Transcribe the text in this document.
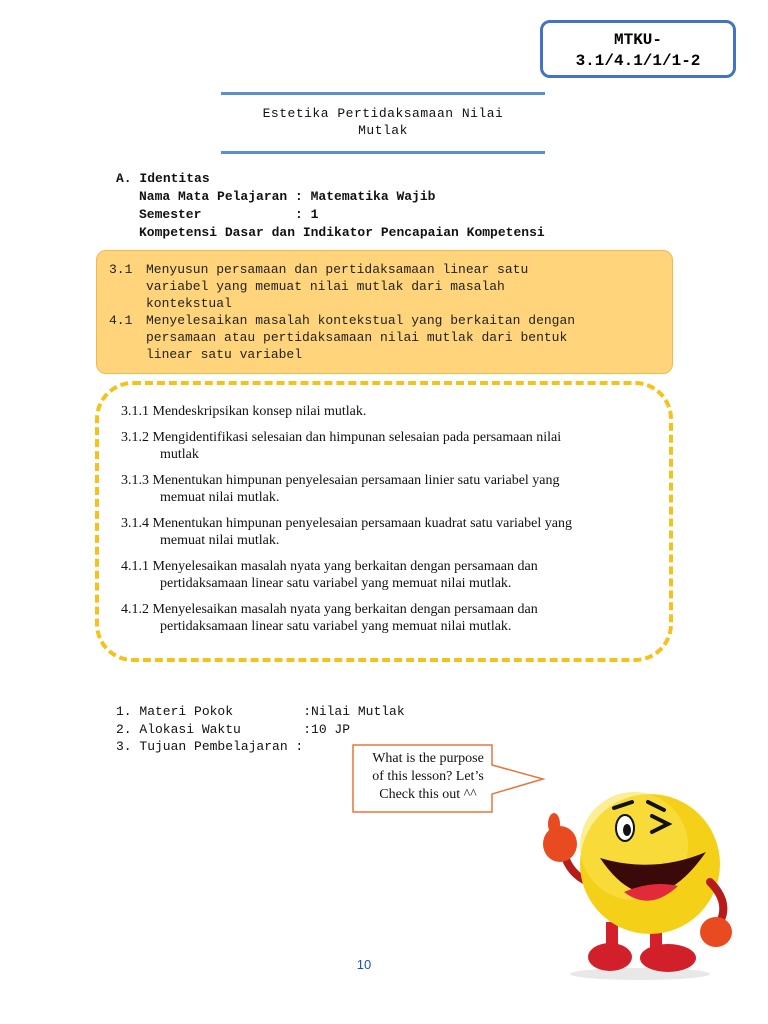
MTKU-
3.1/4.1/1/1-2
Estetika Pertidaksamaan Nilai
Mutlak
A. Identitas
Nama Mata Pelajaran : Matematika Wajib
Semester            : 1
Kompetensi Dasar dan Indikator Pencapaian Kompetensi
3.1	Menyusun persamaan dan pertidaksamaan linear satu
variabel yang memuat nilai mutlak dari masalah
kontekstual
4.1	Menyelesaikan masalah kontekstual yang berkaitan dengan
persamaan atau pertidaksamaan nilai mutlak dari bentuk
linear satu variabel
3.1.1 Mendeskripsikan konsep nilai mutlak.
3.1.2 Mengidentifikasi selesaian dan himpunan selesaian pada persamaan nilai
mutlak
3.1.3 Menentukan himpunan penyelesaian persamaan linier satu variabel yang
memuat nilai mutlak.
3.1.4 Menentukan himpunan penyelesaian persamaan kuadrat satu variabel yang
memuat nilai mutlak.
4.1.1 Menyelesaikan masalah nyata yang berkaitan dengan persamaan dan
pertidaksamaan linear satu variabel yang memuat nilai mutlak.
4.1.2 Menyelesaikan masalah nyata yang berkaitan dengan persamaan dan
pertidaksamaan linear satu variabel yang memuat nilai mutlak.
1. Materi Pokok         :Nilai Mutlak
2. Alokasi Waktu        :10 JP
3. Tujuan Pembelajaran :
What is the purpose
of this lesson? Let’s
Check this out ^^
10
